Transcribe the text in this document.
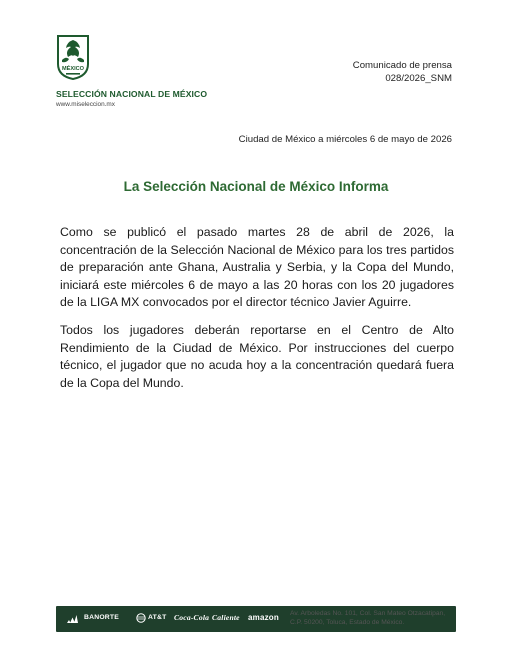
MÉXICO
SELECCIÓN NACIONAL DE MÉXICO
www.miseleccion.mx
Comunicado de prensa
028/2026_SNM
Ciudad de México a miércoles 6 de mayo de 2026
La Selección Nacional de México Informa
Como se publicó el pasado martes 28 de abril de 2026, la concentración de la Selección Nacional de México para los tres partidos de preparación ante Ghana, Australia y Serbia, y la Copa del Mundo, iniciará este miércoles 6 de mayo a las 20 horas con los 20 jugadores de la LIGA MX convocados por el director técnico Javier Aguirre.
Todos los jugadores deberán reportarse en el Centro de Alto Rendimiento de la Ciudad de México. Por instrucciones del cuerpo técnico, el jugador que no acuda hoy a la concentración quedará fuera de la Copa del Mundo.
BANORTE	AT&T Coca-Cola Caliente amazon Av. Arboledas No. 101, Col. San Mateo Otzacatipan,
C.P. 50200, Toluca, Estado de México.
